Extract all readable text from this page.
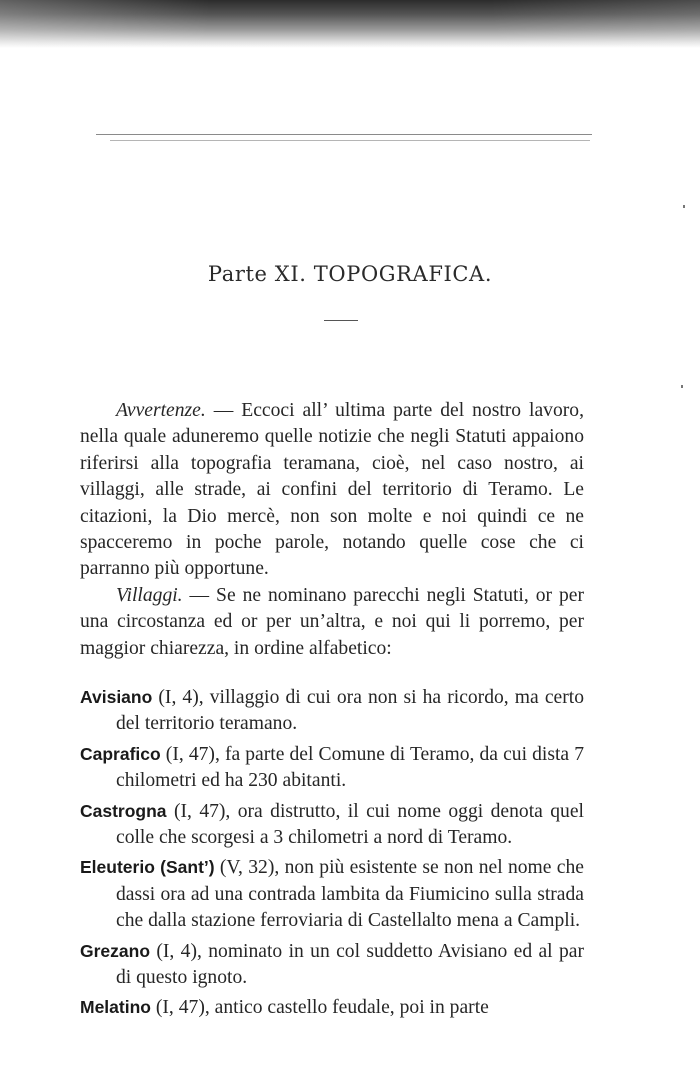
Parte XI. TOPOGRAFICA.

Avvertenze. — Eccoci all’ ultima parte del nostro lavoro, nella quale aduneremo quelle notizie che negli Statuti appaiono riferirsi alla topografia teramana, cioè, nel caso nostro, ai villaggi, alle strade, ai confini del territorio di Teramo. Le citazioni, la Dio mercè, non son molte e noi quindi ce ne spacceremo in poche parole, notando quelle cose che ci parranno più opportune.

Villaggi. — Se ne nominano parecchi negli Statuti, or per una circostanza ed or per un’altra, e noi qui li porremo, per maggior chiarezza, in ordine alfabetico:

Avisiano (I, 4), villaggio di cui ora non si ha ricordo, ma certo del territorio teramano.

Caprafico (I, 47), fa parte del Comune di Teramo, da cui dista 7 chilometri ed ha 230 abitanti.

Castrogna (I, 47), ora distrutto, il cui nome oggi denota quel colle che scorgesi a 3 chilometri a nord di Teramo.

Eleuterio (Sant’) (V, 32), non più esistente se non nel nome che dassi ora ad una contrada lambita da Fiumicino sulla strada che dalla stazione ferroviaria di Castellalto mena a Campli.

Grezano (I, 4), nominato in un col suddetto Avisiano ed al par di questo ignoto.

Melatino (I, 47), antico castello feudale, poi in parte
